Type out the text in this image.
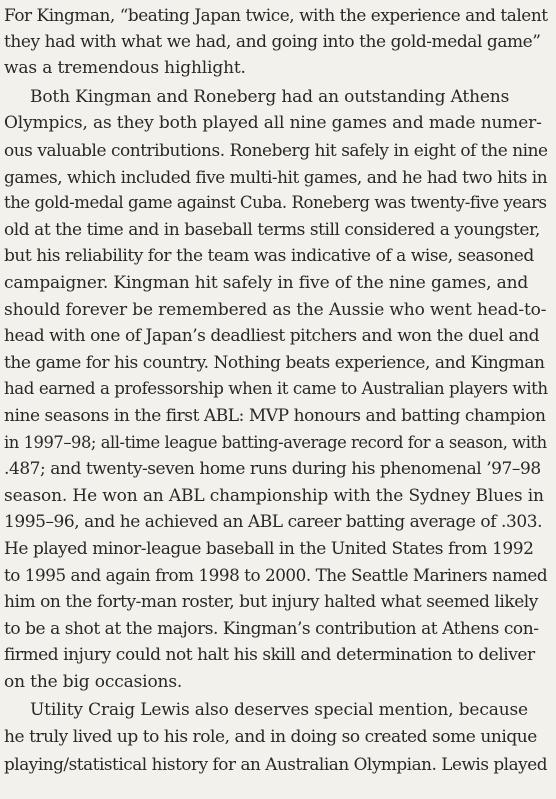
For Kingman, “beating Japan twice, with the experience and talent
they had with what we had, and going into the gold-medal game”
was a tremendous highlight.

Both Kingman and Roneberg had an outstanding Athens
Olympics, as they both played all nine games and made numer-
ous valuable contributions. Roneberg hit safely in eight of the nine
games, which included five multi-hit games, and he had two hits in
the gold-medal game against Cuba. Roneberg was twenty-five years
old at the time and in baseball terms still considered a youngster,
but his reliability for the team was indicative of a wise, seasoned
campaigner. Kingman hit safely in five of the nine games, and
should forever be remembered as the Aussie who went head-to-
head with one of Japan’s deadliest pitchers and won the duel and
the game for his country. Nothing beats experience, and Kingman
had earned a professorship when it came to Australian players with
nine seasons in the first ABL: MVP honours and batting champion
in 1997–98; all-time league batting-average record for a season, with
.487; and twenty-seven home runs during his phenomenal ’97–98
season. He won an ABL championship with the Sydney Blues in
1995–96, and he achieved an ABL career batting average of .303.
He played minor-league baseball in the United States from 1992
to 1995 and again from 1998 to 2000. The Seattle Mariners named
him on the forty-man roster, but injury halted what seemed likely
to be a shot at the majors. Kingman’s contribution at Athens con-
firmed injury could not halt his skill and determination to deliver
on the big occasions.

Utility Craig Lewis also deserves special mention, because
he truly lived up to his role, and in doing so created some unique
playing/statistical history for an Australian Olympian. Lewis played
